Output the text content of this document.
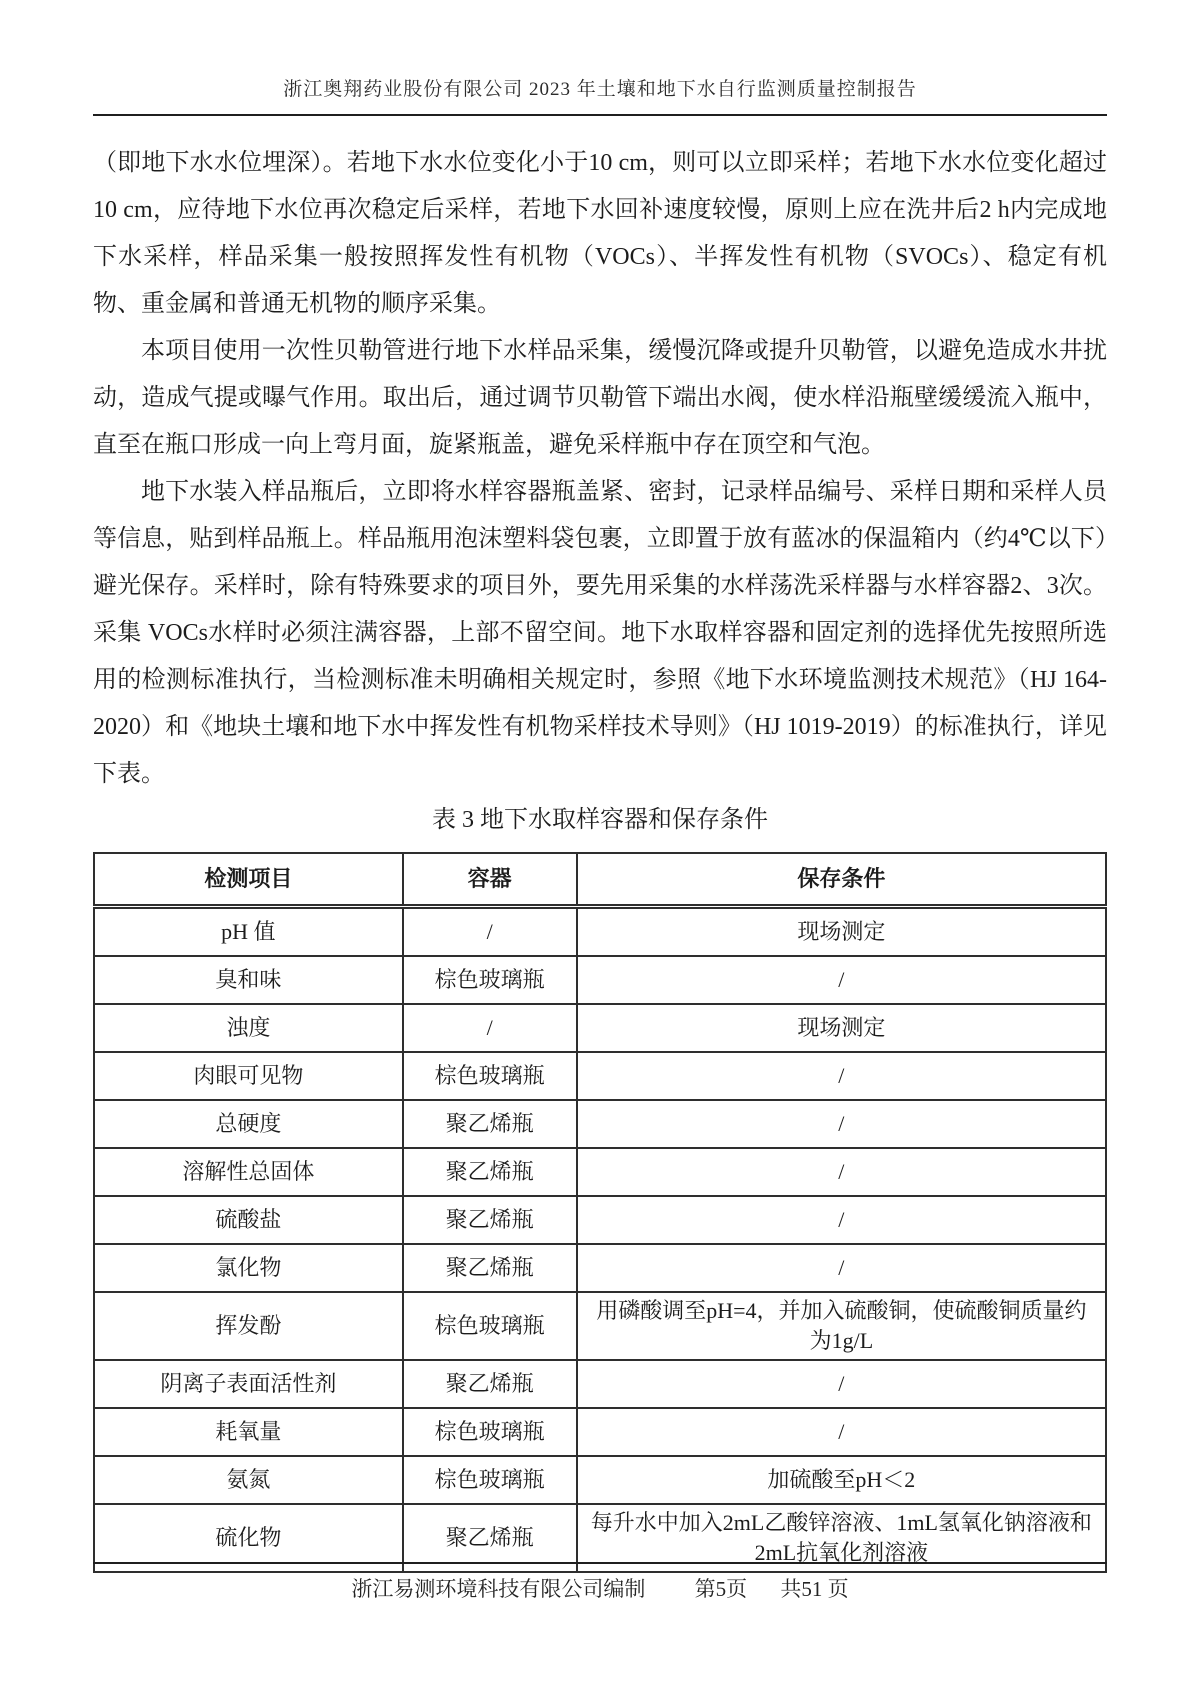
浙江奥翔药业股份有限公司 2023 年土壤和地下水自行监测质量控制报告

（即地下水水位埋深）。若地下水水位变化小于10 cm，则可以立即采样；若地下水水位变化超过10 cm，应待地下水位再次稳定后采样，若地下水回补速度较慢，原则上应在洗井后2 h内完成地下水采样，样品采集一般按照挥发性有机物（VOCs）、半挥发性有机物（SVOCs）、稳定有机物、重金属和普通无机物的顺序采集。

本项目使用一次性贝勒管进行地下水样品采集，缓慢沉降或提升贝勒管，以避免造成水井扰动，造成气提或曝气作用。取出后，通过调节贝勒管下端出水阀，使水样沿瓶壁缓缓流入瓶中，直至在瓶口形成一向上弯月面，旋紧瓶盖，避免采样瓶中存在顶空和气泡。

地下水装入样品瓶后，立即将水样容器瓶盖紧、密封，记录样品编号、采样日期和采样人员等信息，贴到样品瓶上。样品瓶用泡沫塑料袋包裹，立即置于放有蓝冰的保温箱内（约4℃以下）避光保存。采样时，除有特殊要求的项目外，要先用采集的水样荡洗采样器与水样容器2、3次。采集 VOCs水样时必须注满容器，上部不留空间。地下水取样容器和固定剂的选择优先按照所选用的检测标准执行，当检测标准未明确相关规定时，参照《地下水环境监测技术规范》（HJ 164-2020）和《地块土壤和地下水中挥发性有机物采样技术导则》（HJ 1019-2019）的标准执行，详见下表。

表 3 地下水取样容器和保存条件
检测项目	容器	保存条件
pH 值	/	现场测定
臭和味	棕色玻璃瓶	/
浊度	/	现场测定
肉眼可见物	棕色玻璃瓶	/
总硬度	聚乙烯瓶	/
溶解性总固体	聚乙烯瓶	/
硫酸盐	聚乙烯瓶	/
氯化物	聚乙烯瓶	/
挥发酚	棕色玻璃瓶	用磷酸调至pH=4，并加入硫酸铜，使硫酸铜质量约为1g/L
阴离子表面活性剂	聚乙烯瓶	/
耗氧量	棕色玻璃瓶	/
氨氮	棕色玻璃瓶	加硫酸至pH＜2
硫化物	聚乙烯瓶	每升水中加入2mL乙酸锌溶液、1mL氢氧化钠溶液和2mL抗氧化剂溶液
浙江易测环境科技有限公司编制 第5页 共51 页
